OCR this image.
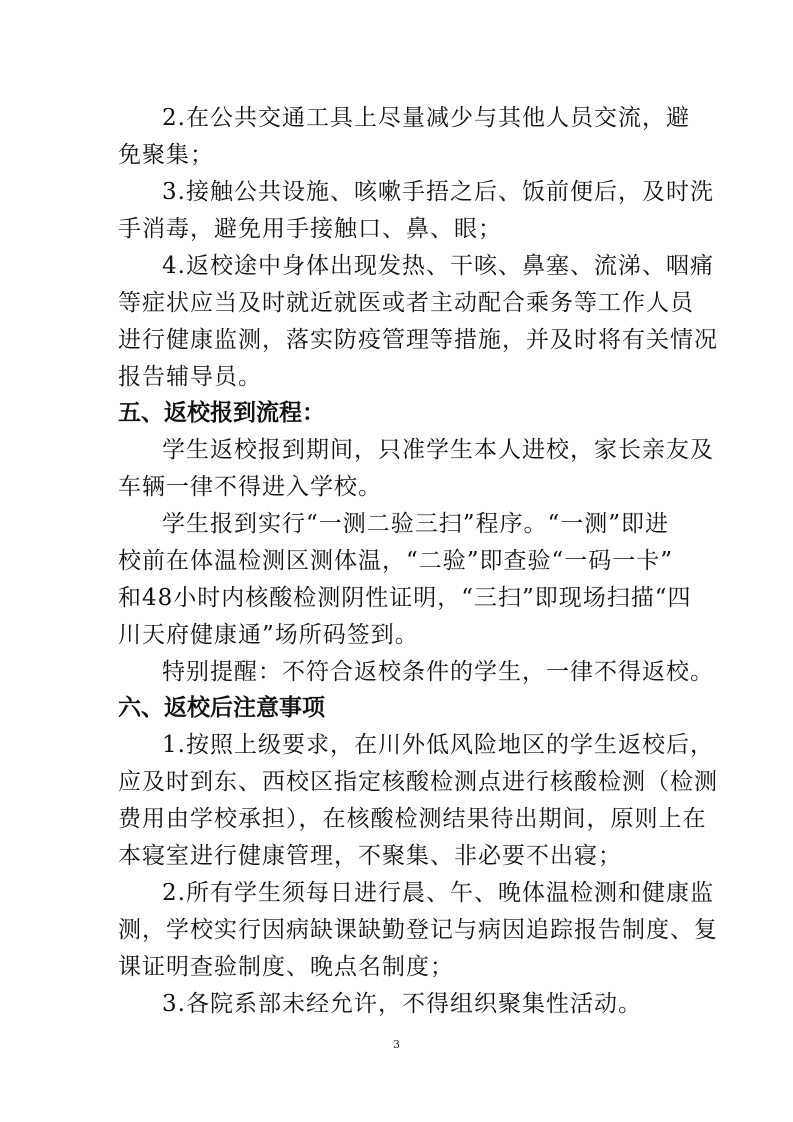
2.在公共交通工具上尽量减少与其他人员交流，避
免聚集；
3.接触公共设施、咳嗽手捂之后、饭前便后，及时洗
手消毒，避免用手接触口、鼻、眼；
4.返校途中身体出现发热、干咳、鼻塞、流涕、咽痛
等症状应当及时就近就医或者主动配合乘务等工作人员
进行健康监测，落实防疫管理等措施，并及时将有关情况
报告辅导员。
五、返校报到流程：
学生返校报到期间，只准学生本人进校，家长亲友及
车辆一律不得进入学校。
学生报到实行“一测二验三扫”程序。“一测”即进
校前在体温检测区测体温，“二验”即查验“一码一卡”
和48小时内核酸检测阴性证明，“三扫”即现场扫描“四
川天府健康通”场所码签到。
特别提醒：不符合返校条件的学生，一律不得返校。
六、返校后注意事项
1.按照上级要求，在川外低风险地区的学生返校后，
应及时到东、西校区指定核酸检测点进行核酸检测（检测
费用由学校承担），在核酸检测结果待出期间，原则上在
本寝室进行健康管理，不聚集、非必要不出寝；
2.所有学生须每日进行晨、午、晚体温检测和健康监
测，学校实行因病缺课缺勤登记与病因追踪报告制度、复
课证明查验制度、晚点名制度；
3.各院系部未经允许，不得组织聚集性活动。
3
